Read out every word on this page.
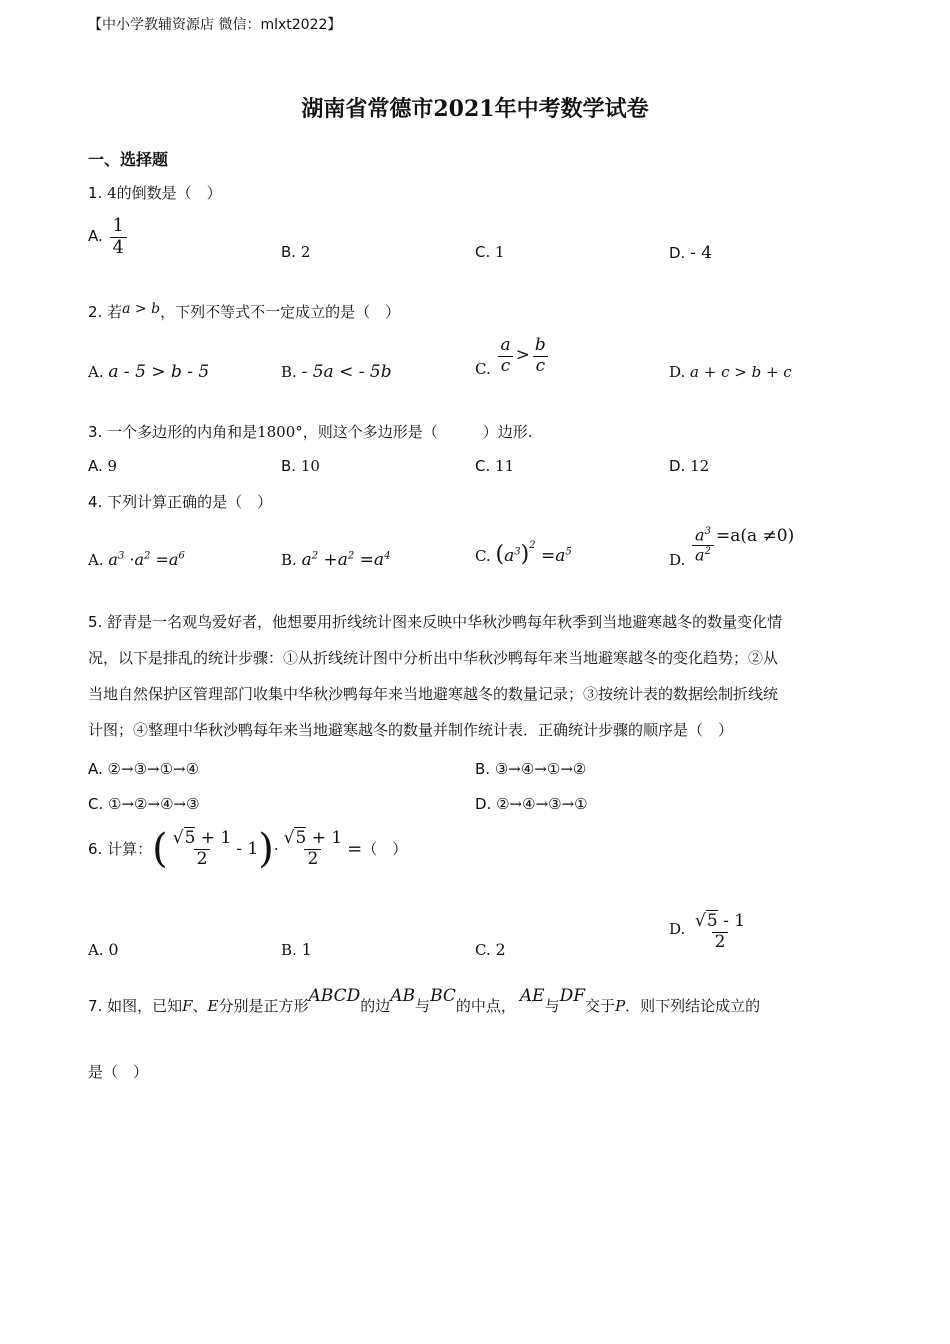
【中小学教辅资源店 微信：mlxt2022】
湖南省常德市2021年中考数学试卷
一、选择题
1. 4的倒数是（　）
A. $\frac{1}{4}$	B. 2	C. 1	D. - 4
2. 若a > b，下列不等式不一定成立的是（　）
A. a - 5 > b - 5	B. - 5a < - 5b	C. $\frac{a}{c} > \frac{b}{c}$	D. a + c > b + c
3. 一个多边形的内角和是1800°，则这个多边形是（　　　）边形.
A. 9	B. 10	C. 11	D. 12
4. 下列计算正确的是（　）
A. $a^3 \cdot a^2 =a^6$	B. $a^2 +a^2 =a^4$	C. $(a^3)^2 =a^5$	D. $\frac{a^3}{a^2} =a(a \ne 0)$
5. 舒青是一名观鸟爱好者，他想要用折线统计图来反映中华秋沙鸭每年秋季到当地避寒越冬的数量变化情
况，以下是排乱的统计步骤：①从折线统计图中分析出中华秋沙鸭每年来当地避寒越冬的变化趋势；②从
当地自然保护区管理部门收集中华秋沙鸭每年来当地避寒越冬的数量记录；③按统计表的数据绘制折线统
计图；④整理中华秋沙鸭每年来当地避寒越冬的数量并制作统计表．正确统计步骤的顺序是（　）
A. ②→③→①→④	B. ③→④→①→②
C. ①→②→④→③	D. ②→④→③→①
6. 计算：( $\frac{√5 + 1}{2} - 1)\cdot \frac{√5 + 1}{2}$ =（　）
A. 0	B. 1	C. 2
D. $\frac{√5 - 1}{2}$
7. 如图，已知F、E分别是正方形ABCD的边AB与BC的中点， AE与DF交于P．则下列结论成立的
是（　）
